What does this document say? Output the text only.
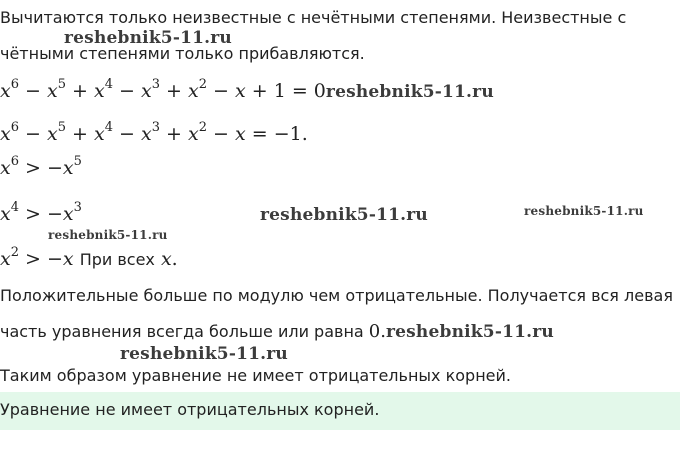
Вычитаются только неизвестные с нечётными степенями. Неизвестные с
reshebnik5-11.ru
чётными степенями только прибавляются.
$x^6 - x^5 + x^4 - x^3 + x^2 - x + 1$ = 0reshebnik5-11.ru
$x^6 - x^5 + x^4 - x^3 + x^2 - x = -1$.
$x^6 > -x^5$
$x^4 > -x^3$	reshebnik5-11.ru	reshebnik5-11.ru
reshebnik5-11.ru
$x^2 > -x$ При всех x.
Положительные больше по модулю чем отрицательные. Получается вся левая
часть уравнения всегда больше или равна 0.reshebnik5-11.ru
reshebnik5-11.ru
Таким образом уравнение не имеет отрицательных корней.
Уравнение не имеет отрицательных корней.
